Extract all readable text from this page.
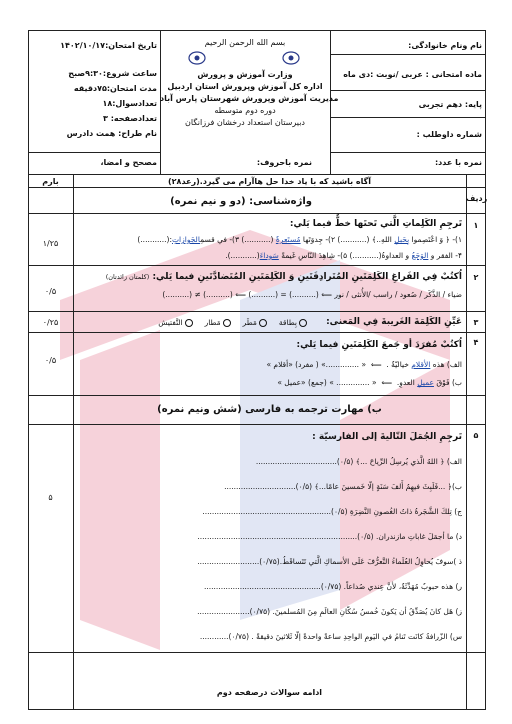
نام ونام خانوادگی:
ماده امتحانی : عربی /نوبت :دی ماه
پایه: دهم تجربی
شماره داوطلب :
نمره با عدد:
بسم الله الرحمن الرحیم
وزارت آموزش و پرورش
اداره کل آموزش وپرورش استان اردبیل
مدیریت آموزش وپرورش شهرستان پارس آباد
دوره دوم متوسطه
دبیرستان استعداد درخشان فرزانگان
نمره باحروف:
تاریخ امتحان:۱۴۰۲/۱۰/۱۷
ساعت شروع:۹:۳۰صبح
مدت امتحان:۷۵دقیقه
تعدادسوال:۱۸
تعدادصفحه: ۳
نام طراح: همت دادرس
مصحح و امضا،
ردیف
بارم	آگاه باشید که با یاد خدا حل هاآرام می گیرد.(رعد۲۸)
واژه‌شناسی: (دو و نیم نمره)
۱
۱/۲۵
تَرجِمِ الكَلِماتِ الَّتي تَحتَها خطٌّ فيما يَلي:
۱)- ﴿ وَ اعْتَصِموا بِحَبلِ اللهِ..﴾ (...........) ۲)- جِدوَتَها مُستَعِرةٌ (...........) ۳)- في قسمِالجَوازاتِ:(...........)
۴- الفقر و الوَجَعُ و العداوةُ(...........) ۵)- شِاهِدَ النّاسِ غَيمةً سَوداءَ(...........).
۲
۰/۵
اُكتُبْ فِي الفَراغِ الكَلِمَتَينِ المُتَرادِفَتَينِ وَ الكَلِمَتَينِ المُتَضادَّتَينِ فيما يَلي: (کلمتان زائدتان)
ضیاء / الذَّكَر / صُعود / راسب /الأُنثی / نور ⟸ (..........) = (..........) ⟸ (..........) ≠ (..........)
۳
۰/۲۵	عَيِّنِ الكَلِمَةَ الغَريبةَ فِي المَعنی:
بِطاقة     مَطَر     مَطار     التَّفتيش
۴
۰/۵
اُكتُبْ مُفرَدَ أو جَمعَ الكَلِمَتَينِ فيما يَلي:
الف) هذه الأقلام خياليّةٌ .  ⟸  « ..............» ( مفرد) «أقلام »
ب) فَوْقَ عميلِ العدوِ.  ⟸  « .............. » (جمع) «عميل »
ب) مهارت ترجمه به فارسی (شش ونیم نمره)
۵
۵
تَرجِمِ الجُمَلَ التّاليةَ إلى الفارسيّة :
الف) ﴿ اللهُ الَّذي يُرسِلُ الرِّياحَ ...﴾ (۰/۵)..................................
ب)﴿ ...فَلَبِثَ فيهِمُ أَلفَ سَنَةٍ إلّا خَمسينَ عامًا...﴾ (۰/۵)..............................
ج) تِلكَ الشَّجَرةُ ذاتُ الغُصونِ النَّضِرَةِ (۰/۵)......................................................
د) ما أجمَلَ غاباتِ مازندران. (۰/۵)...................................................................
ذ )سوفَ يُحاوِلُ العُلَماءُ التَّعرُّفَ عَلَى الأسماكِ الَّتي تَتَساقَطُ.(۰/۷۵)..........................
ر) هذه حبوبٌ مُهَدِّئَةٌ، لأنَّ عِندي صُداعاً. (۰/۷۵).................................................
ز) هَل كانَ يُصَدِّقُ أن يَكونَ خُمسُ سُكّانِ العالَمِ مِنَ المُسلمينَ. (۰/۷۵)......................
س) الزّرافةُ كانَت تَنامُ في اليَومِ الواحِدِ ساعةً واحدةً إلّا ثَلاثينَ دقيقةً . (۰/۷۵)............
ادامه سوالات درصفحه دوم
